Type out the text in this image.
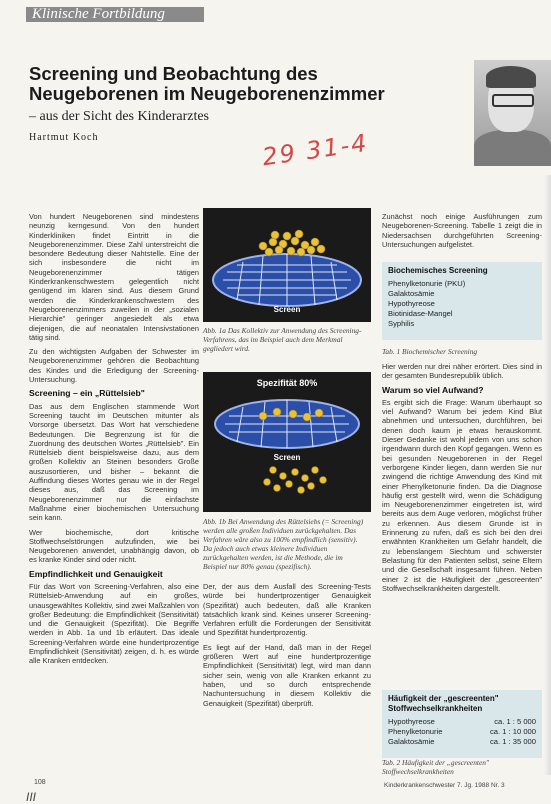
Klinische Fortbildung
Screening und Beobachtung des
Neugeborenen im Neugeborenenzimmer
– aus der Sicht des Kinderarztes
Hartmut Koch	29 31-4

Von hundert Neugeborenen sind mindestens neunzig kerngesund. Von den hundert Kinderkliniken findet Eintritt in die Neugeborenenzimmer. Diese Zahl unterstreicht die besondere Bedeutung dieser Nahtstelle. Eine der sich insbesondere die nicht im Neugeborenenzimmer tätigen Kinderkrankenschwestern gelegentlich nicht genügend im klaren sind. Aus diesem Grund werden die Kinderkrankenschwestern des Neugeborenenzimmers zuweilen in der „sozialen Hierarchie" geringer angesiedelt als etwa diejenigen, die auf neonatalen Intensivstationen tätig sind.

Zu den wichtigsten Aufgaben der Schwester im Neugeborenenzimmer gehören die Beobachtung des Kindes und die Erledigung der Screening-Untersuchung.

Screening – ein „Rüttelsieb"

Das aus dem Englischen stammende Wort Screening taucht im Deutschen mitunter als Vorsorge übersetzt. Das Wort hat verschiedene Bedeutungen. Die Begrenzung ist für die Zuordnung des deutschen Wortes „Rüttelsieb". Ein Rüttelsieb dient beispielsweise dazu, aus dem großen Kollektiv an Steinen besonders Große auszusortieren, und bisher – bekannt die Auffindung dieses Wortes genau wie in der Regel dieses aus, daß das Screening im Neugeborenenzimmer nur die einfachste Maßnahme einer biochemischen Untersuchung sein kann.

Wer biochemische, dort kritische Stoffwechselstörungen aufzufinden, wie bei Neugeborenen anwendet, unabhängig davon, ob es kranke Kinder sind oder nicht.

Empfindlichkeit und Genauigkeit

Für das Wort von Screening-Verfahren, also eine Rüttelsieb-Anwendung auf ein großes, unausgewähltes Kollektiv, sind zwei Maßzahlen von großer Bedeutung: die Empfindlichkeit (Sensitivität) und die Genauigkeit (Spezifität). Die Begriffe werden in Abb. 1a und 1b erläutert. Das ideale Screening-Verfahren würde eine hundertprozentige Empfindlichkeit (Sensitivität) zeigen, d. h. es würde alle Kranken entdecken.

Screen
Abb. 1a Das Kollektiv zur Anwendung des Screening-Verfahrens, das im Beispiel auch dem Merkmal gegliedert wird.
Spezifität 80%
Screen
Abb. 1b Bei Anwendung des Rüttelsiebs (= Screening) werden alle großen Individuen zurückgehalten. Das Verfahren wäre also zu 100% empfindlich (sensitiv). Da jedoch auch etwas kleinere Individuen zurückgehalten werden, ist die Methode, die im Beispiel nur 80% genau (spezifisch).

Der, der aus dem Ausfall des Screening-Tests würde bei hundertprozentiger Genauigkeit (Spezifität) auch bedeuten, daß alle Kranken tatsächlich krank sind. Keines unserer Screening-Verfahren erfüllt die Forderungen der Sensitivität und Spezifität hundertprozentig.

Es liegt auf der Hand, daß man in der Regel größeren Wert auf eine hundertprozentige Empfindlichkeit (Sensitivität) legt, wird man dann sicher sein, wenig von alle Kranken erkannt zu haben, und so durch entsprechende Nachuntersuchung in diesem Kollektiv die Genauigkeit (Spezifität) überprüft.

Zunächst noch einige Ausführungen zum Neugeborenen-Screening. Tabelle 1 zeigt die in Niedersachsen durchgeführten Screening-Untersuchungen aufgelistet.

Biochemisches Screening
Phenylketonurie (PKU)
Galaktosämie
Hypothyreose
Biotinidase-Mangel
Syphilis
Tab. 1 Biochemischer Screening

Hier werden nur drei näher erörtert. Dies sind in der gesamten Bundesrepublik üblich.

Warum so viel Aufwand?

Es ergibt sich die Frage: Warum überhaupt so viel Aufwand? Warum bei jedem Kind Blut abnehmen und untersuchen, durchführen, bei denen doch kaum je etwas herauskommt. Dieser Gedanke ist wohl jedem von uns schon irgendwann durch den Kopf gegangen. Wenn es bei gesunden Neugeborenen in der Regel verborgene Kinder liegen, dann werden Sie nur zwingend die richtige Anwendung des Kind mit einer Phenylketonurie finden. Da die Diagnose häufig erst gestellt wird, wenn die Schädigung im Neugeborenenzimmer eingetreten ist, wird bereits aus dem Auge verloren, möglichst früher zu erkennen. Aus diesem Grunde ist in Erinnerung zu rufen, daß es sich bei den drei erwähnten Krankheiten um Gefahr handelt, die zu lebenslangem Siechtum und schwerster Belastung für den Patienten selbst, seine Eltern und die Gesellschaft insgesamt führen. Neben einer 2 ist die Häufigkeit der „gescreenten" Stoffwechselkrankheiten dargestellt.

Häufigkeit der „gescreenten" Stoffwechselkrankheiten
Hypothyreose	ca. 1 : 5 000
Phenylketonurie	ca. 1 : 10 000
Galaktosämie	ca. 1 : 35 000
Tab. 2 Häufigkeit der „gescreenten" Stoffwechselkrankheiten
108	Kinderkrankenschwester 7. Jg. 1988 Nr. 3
III
